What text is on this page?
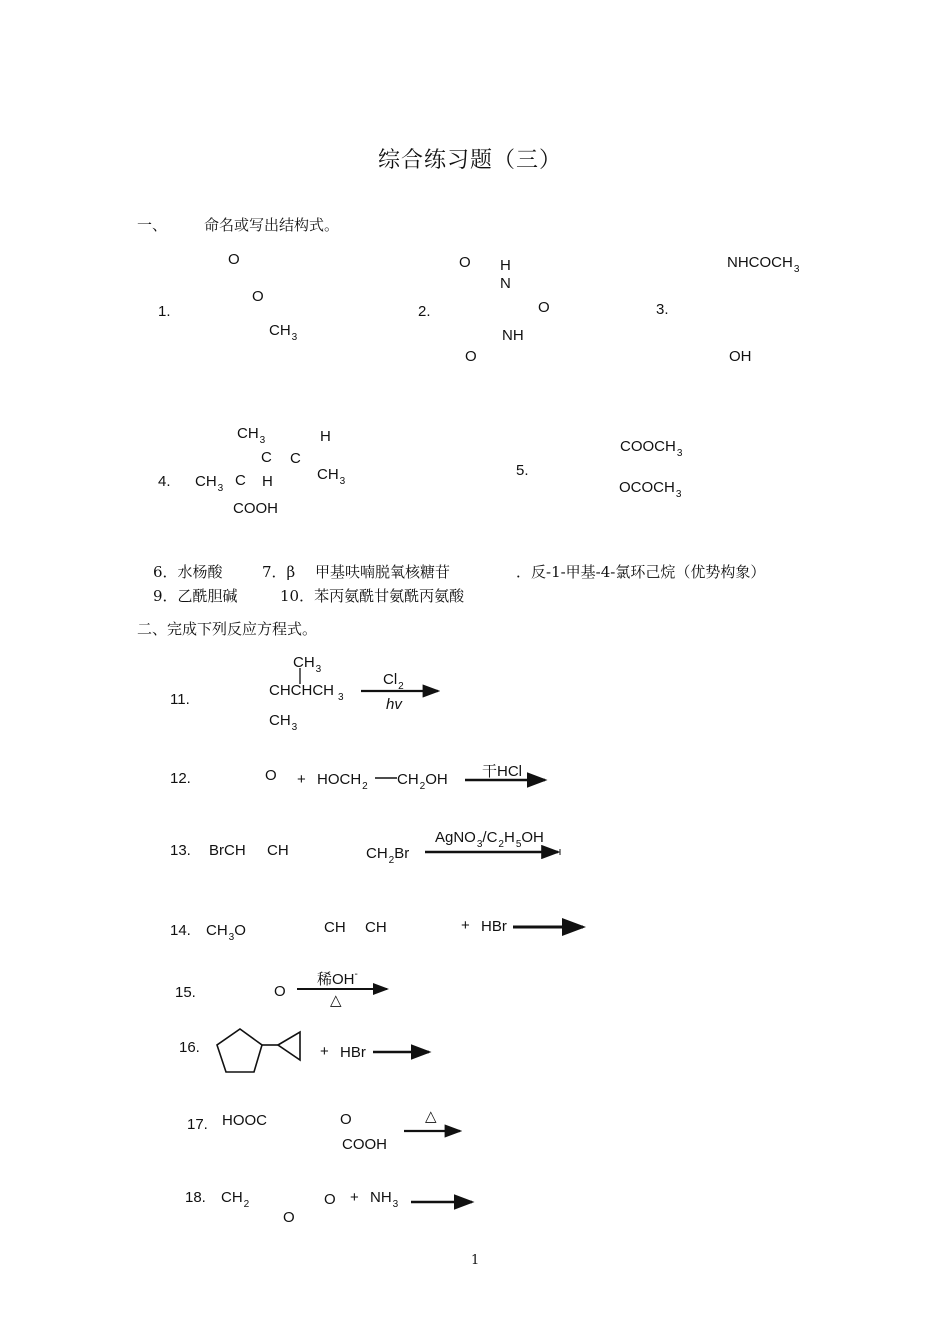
综合练习题（三）
一、 命名或写出结构式。
1.
O
O
$CH_3$
2.
O H
N
O
NH
O
3.
$NHCOCH_3$
OH
4.
$CH_3$	H
C C
$CH_3$
$CH_3$ C H
COOH
5.
$COOCH_3$
$OCOCH_3$
6．水杨酸	7．β 甲基呋喃脱氧核糖苷	．反-1-甲基-4-氯环己烷（优势构象）
9．乙酰胆碱	10．苯丙氨酰甘氨酰丙氨酸
二、完成下列反应方程式。
11.
$CH_3$
CHCHCH $_3$
$CH_3$
$Cl_2$
hv
12.	$O + HOCH_2$ $CH_2OH$ 干HCl
13. BrCH CH	$CH_2Br$
$AgNO_3/C_2H_5OH$
14. $CH_3O$	CH CH	+ HBr
15.	O
稀OH-
△
16.	+ HBr
17. HOOC	O
COOH
△
18. $CH_2$
O
$O + NH_3$
1
